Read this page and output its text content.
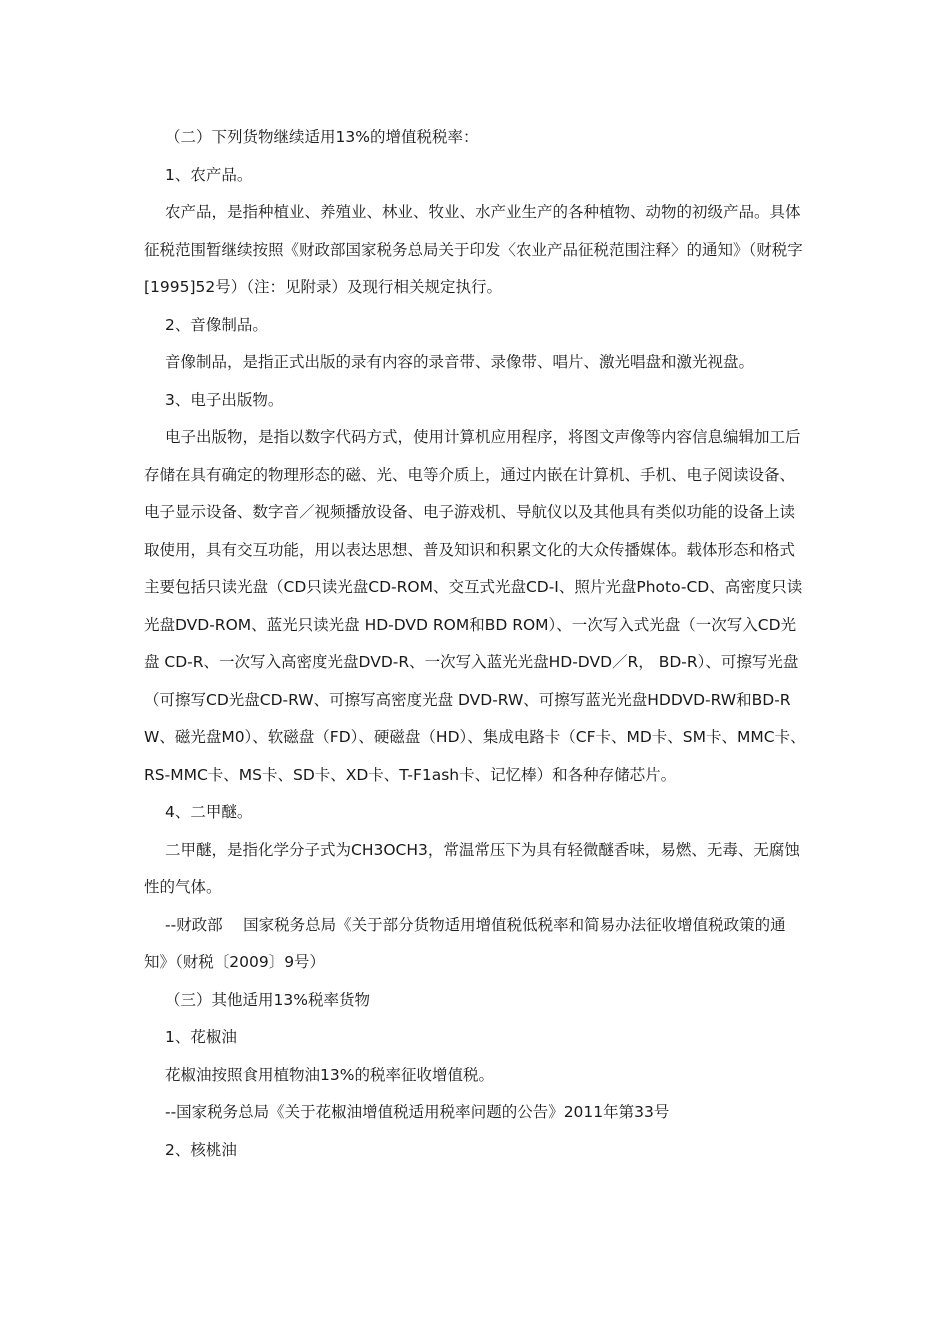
（二）下列货物继续适用13%的增值税税率：

1、农产品。

农产品，是指种植业、养殖业、林业、牧业、水产业生产的各种植物、动物的初级产品。具体征税范围暂继续按照《财政部国家税务总局关于印发〈农业产品征税范围注释〉的通知》（财税字[1995]52号）（注：见附录）及现行相关规定执行。

2、音像制品。

音像制品，是指正式出版的录有内容的录音带、录像带、唱片、激光唱盘和激光视盘。

3、电子出版物。

电子出版物，是指以数字代码方式，使用计算机应用程序，将图文声像等内容信息编辑加工后存储在具有确定的物理形态的磁、光、电等介质上，通过内嵌在计算机、手机、电子阅读设备、电子显示设备、数字音／视频播放设备、电子游戏机、导航仪以及其他具有类似功能的设备上读取使用，具有交互功能，用以表达思想、普及知识和积累文化的大众传播媒体。载体形态和格式主要包括只读光盘（CD只读光盘CD-ROM、交互式光盘CD-I、照片光盘Photo-CD、高密度只读光盘DVD-ROM、蓝光只读光盘 HD-DVD ROM和BD ROM）、一次写入式光盘（一次写入CD光盘 CD-R、一次写入高密度光盘DVD-R、一次写入蓝光光盘HD-DVD／R， BD-R）、可擦写光盘（可擦写CD光盘CD-RW、可擦写高密度光盘 DVD-RW、可擦写蓝光光盘HDDVD-RW和BD-RW、磁光盘M0）、软磁盘（FD）、硬磁盘（HD）、集成电路卡（CF卡、MD卡、SM卡、MMC卡、 RS-MMC卡、MS卡、SD卡、XD卡、T-F1ash卡、记忆棒）和各种存储芯片。

4、二甲醚。

二甲醚，是指化学分子式为CH3OCH3，常温常压下为具有轻微醚香味，易燃、无毒、无腐蚀性的气体。

--财政部　 国家税务总局《关于部分货物适用增值税低税率和简易办法征收增值税政策的通知》（财税〔2009〕9号）

（三）其他适用13%税率货物

1、花椒油

花椒油按照食用植物油13%的税率征收增值税。

--国家税务总局《关于花椒油增值税适用税率问题的公告》2011年第33号

2、核桃油
